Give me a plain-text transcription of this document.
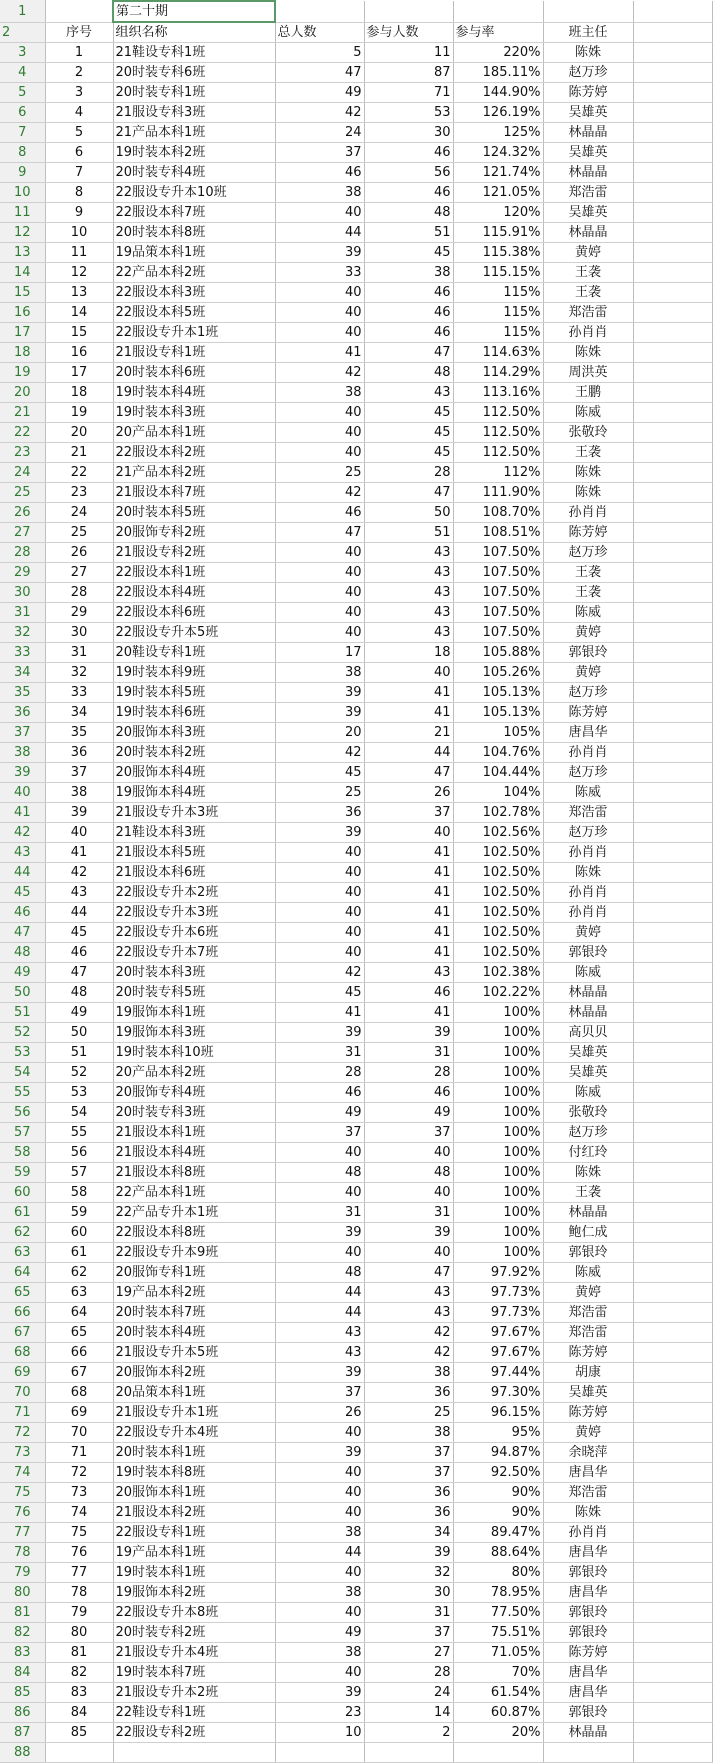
1		第二十期					
2	序号	组织名称	总人数	参与人数	参与率	班主任	
3	1	21鞋设专科1班	5	11	220%	陈姝	
4	2	20时装专科6班	47	87	185.11%	赵万珍	
5	3	20时装专科1班	49	71	144.90%	陈芳婷	
6	4	21服设专科3班	42	53	126.19%	吴雄英	
7	5	21产品本科1班	24	30	125%	林晶晶	
8	6	19时装本科2班	37	46	124.32%	吴雄英	
9	7	20时装专科4班	46	56	121.74%	林晶晶	
10	8	22服设专升本10班	38	46	121.05%	郑浩雷	
11	9	22服设本科7班	40	48	120%	吴雄英	
12	10	20时装本科8班	44	51	115.91%	林晶晶	
13	11	19品策本科1班	39	45	115.38%	黄婷	
14	12	22产品本科2班	33	38	115.15%	王袭	
15	13	22服设本科3班	40	46	115%	王袭	
16	14	22服设本科5班	40	46	115%	郑浩雷	
17	15	22服设专升本1班	40	46	115%	孙肖肖	
18	16	21服设专科1班	41	47	114.63%	陈姝	
19	17	20时装本科6班	42	48	114.29%	周洪英	
20	18	19时装本科4班	38	43	113.16%	王鹏	
21	19	19时装本科3班	40	45	112.50%	陈威	
22	20	20产品本科1班	40	45	112.50%	张敬玲	
23	21	22服设本科2班	40	45	112.50%	王袭	
24	22	21产品本科2班	25	28	112%	陈姝	
25	23	21服设本科7班	42	47	111.90%	陈姝	
26	24	20时装本科5班	46	50	108.70%	孙肖肖	
27	25	20服饰专科2班	47	51	108.51%	陈芳婷	
28	26	21服设专科2班	40	43	107.50%	赵万珍	
29	27	22服设本科1班	40	43	107.50%	王袭	
30	28	22服设本科4班	40	43	107.50%	王袭	
31	29	22服设本科6班	40	43	107.50%	陈威	
32	30	22服设专升本5班	40	43	107.50%	黄婷	
33	31	20鞋设专科1班	17	18	105.88%	郭银玲	
34	32	19时装本科9班	38	40	105.26%	黄婷	
35	33	19时装本科5班	39	41	105.13%	赵万珍	
36	34	19时装本科6班	39	41	105.13%	陈芳婷	
37	35	20服饰本科3班	20	21	105%	唐昌华	
38	36	20时装本科2班	42	44	104.76%	孙肖肖	
39	37	20服饰本科4班	45	47	104.44%	赵万珍	
40	38	19服饰本科4班	25	26	104%	陈威	
41	39	21服设专升本3班	36	37	102.78%	郑浩雷	
42	40	21鞋设本科3班	39	40	102.56%	赵万珍	
43	41	21服设本科5班	40	41	102.50%	孙肖肖	
44	42	21服设本科6班	40	41	102.50%	陈姝	
45	43	22服设专升本2班	40	41	102.50%	孙肖肖	
46	44	22服设专升本3班	40	41	102.50%	孙肖肖	
47	45	22服设专升本6班	40	41	102.50%	黄婷	
48	46	22服设专升本7班	40	41	102.50%	郭银玲	
49	47	20时装本科3班	42	43	102.38%	陈威	
50	48	20时装专科5班	45	46	102.22%	林晶晶	
51	49	19服饰本科1班	41	41	100%	林晶晶	
52	50	19服饰本科3班	39	39	100%	高贝贝	
53	51	19时装本科10班	31	31	100%	吴雄英	
54	52	20产品本科2班	28	28	100%	吴雄英	
55	53	20服饰专科4班	46	46	100%	陈威	
56	54	20时装专科3班	49	49	100%	张敬玲	
57	55	21服设本科1班	37	37	100%	赵万珍	
58	56	21服设本科4班	40	40	100%	付红玲	
59	57	21服设本科8班	48	48	100%	陈姝	
60	58	22产品本科1班	40	40	100%	王袭	
61	59	22产品专升本1班	31	31	100%	林晶晶	
62	60	22服设本科8班	39	39	100%	鲍仁成	
63	61	22服设专升本9班	40	40	100%	郭银玲	
64	62	20服饰专科1班	48	47	97.92%	陈威	
65	63	19产品本科2班	44	43	97.73%	黄婷	
66	64	20时装本科7班	44	43	97.73%	郑浩雷	
67	65	20时装本科4班	43	42	97.67%	郑浩雷	
68	66	21服设专升本5班	43	42	97.67%	陈芳婷	
69	67	20服饰本科2班	39	38	97.44%	胡康	
70	68	20品策本科1班	37	36	97.30%	吴雄英	
71	69	21服设专升本1班	26	25	96.15%	陈芳婷	
72	70	22服设专升本4班	40	38	95%	黄婷	
73	71	20时装本科1班	39	37	94.87%	余晓萍	
74	72	19时装本科8班	40	37	92.50%	唐昌华	
75	73	20服饰本科1班	40	36	90%	郑浩雷	
76	74	21服设本科2班	40	36	90%	陈姝	
77	75	22服设专科1班	38	34	89.47%	孙肖肖	
78	76	19产品本科1班	44	39	88.64%	唐昌华	
79	77	19时装本科1班	40	32	80%	郭银玲	
80	78	19服饰本科2班	38	30	78.95%	唐昌华	
81	79	22服设专升本8班	40	31	77.50%	郭银玲	
82	80	20时装专科2班	49	37	75.51%	郭银玲	
83	81	21服设专升本4班	38	27	71.05%	陈芳婷	
84	82	19时装本科7班	40	28	70%	唐昌华	
85	83	21服设专升本2班	39	24	61.54%	唐昌华	
86	84	22鞋设专科1班	23	14	60.87%	郭银玲	
87	85	22服设专科2班	10	2	20%	林晶晶	
88							
